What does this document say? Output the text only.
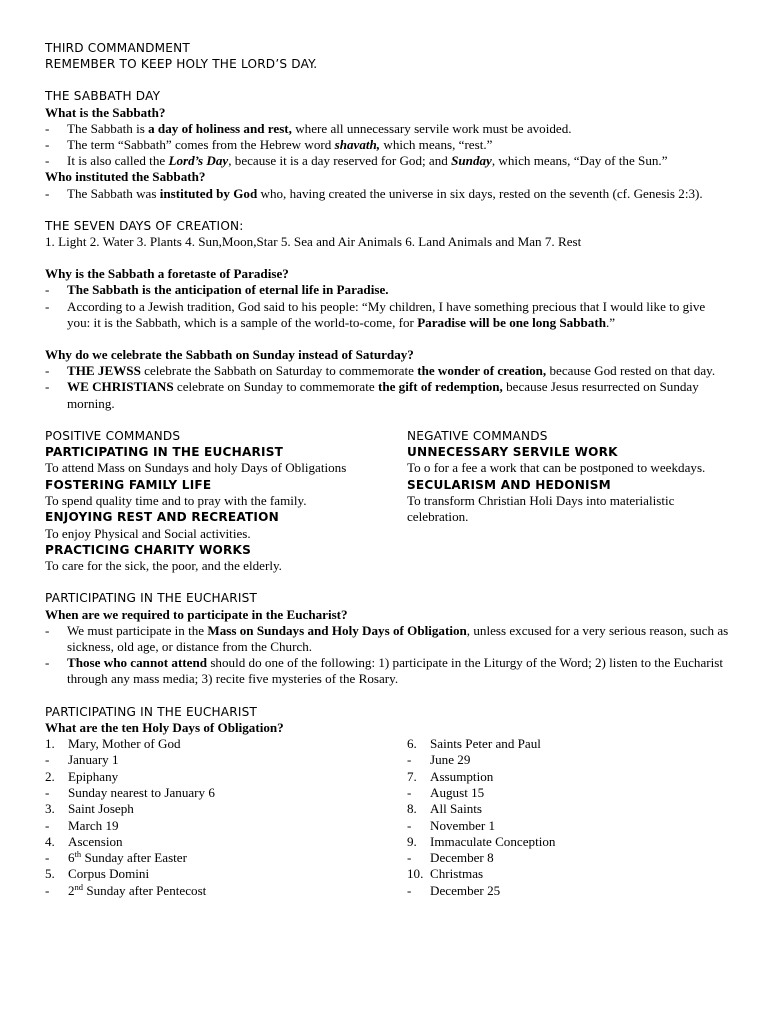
THIRD COMMANDMENT
REMEMBER TO KEEP HOLY THE LORD’S DAY.
THE SABBATH DAY
What is the Sabbath?
-	The Sabbath is a day of holiness and rest, where all unnecessary servile work must be avoided.
-	The term “Sabbath” comes from the Hebrew word shavath, which means, “rest.”
-	It is also called the Lord’s Day, because it is a day reserved for God; and Sunday, which means, “Day of the Sun.”
Who instituted the Sabbath?
-	The Sabbath was instituted by God who, having created the universe in six days, rested on the seventh (cf. Genesis 2:3).
THE SEVEN DAYS OF CREATION:
1. Light 2. Water 3. Plants 4. Sun,Moon,Star 5. Sea and Air Animals 6. Land Animals and Man 7. Rest
Why is the Sabbath a foretaste of Paradise?
-	The Sabbath is the anticipation of eternal life in Paradise.
-	According to a Jewish tradition, God said to his people: “My children, I have something precious that I would like to give you: it is the Sabbath, which is a sample of the world-to-come, for Paradise will be one long Sabbath.”
Why do we celebrate the Sabbath on Sunday instead of Saturday?
-	THE JEWSS celebrate the Sabbath on Saturday to commemorate the wonder of creation, because God rested on that day.
-	WE CHRISTIANS celebrate on Sunday to commemorate the gift of redemption, because Jesus resurrected on Sunday morning.
POSITIVE COMMANDS
PARTICIPATING IN THE EUCHARIST
To attend Mass on Sundays and holy Days of Obligations
FOSTERING FAMILY LIFE
To spend quality time and to pray with the family.
ENJOYING REST AND RECREATION
To enjoy Physical and Social activities.
PRACTICING CHARITY WORKS
To care for the sick, the poor, and the elderly.
NEGATIVE COMMANDS
UNNECESSARY SERVILE WORK
To o for a fee a work that can be postponed to weekdays.
SECULARISM AND HEDONISM
To transform Christian Holi Days into materialistic celebration.
PARTICIPATING IN THE EUCHARIST
When are we required to participate in the Eucharist?
-	We must participate in the Mass on Sundays and Holy Days of Obligation, unless excused for a very serious reason, such as sickness, old age, or distance from the Church.
-	Those who cannot attend should do one of the following: 1) participate in the Liturgy of the Word; 2) listen to the Eucharist through any mass media; 3) recite five mysteries of the Rosary.
PARTICIPATING IN THE EUCHARIST
What are the ten Holy Days of Obligation?
1.	Mary, Mother of God
-	January 1
2.	Epiphany
-	Sunday nearest to January 6
3.	Saint Joseph
-	March 19
4.	Ascension
-	6th Sunday after Easter
5.	Corpus Domini
-	2nd Sunday after Pentecost
6.	Saints Peter and Paul
-	June 29
7.	Assumption
-	August 15
8.	All Saints
-	November 1
9.	Immaculate Conception
-	December 8
10. Christmas
-	December 25
